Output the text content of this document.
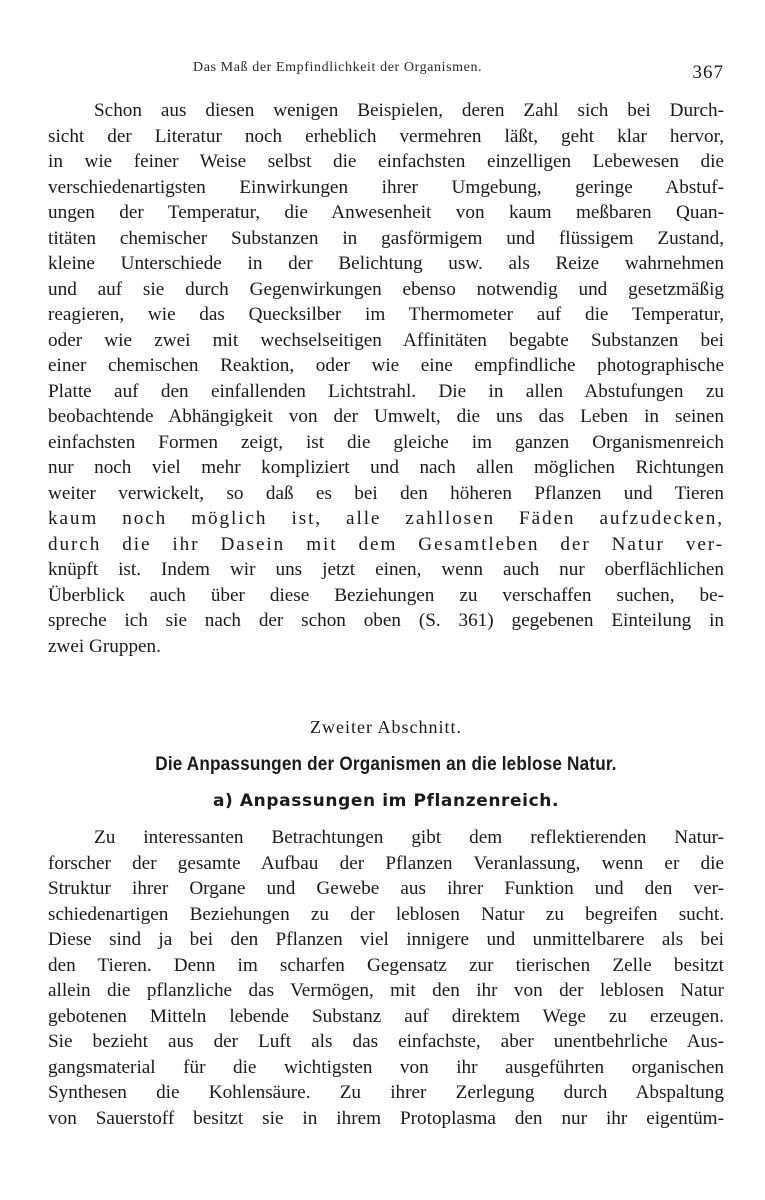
Das Maß der Empfindlichkeit der Organismen.	367

Schon aus diesen wenigen Beispielen, deren Zahl sich bei Durch-
sicht der Literatur noch erheblich vermehren läßt, geht klar hervor,
in wie feiner Weise selbst die einfachsten einzelligen Lebewesen die
verschiedenartigsten Einwirkungen ihrer Umgebung, geringe Abstuf-
ungen der Temperatur, die Anwesenheit von kaum meßbaren Quan-
titäten chemischer Substanzen in gasförmigem und flüssigem Zustand,
kleine Unterschiede in der Belichtung usw. als Reize wahrnehmen
und auf sie durch Gegenwirkungen ebenso notwendig und gesetzmäßig
reagieren, wie das Quecksilber im Thermometer auf die Temperatur,
oder wie zwei mit wechselseitigen Affinitäten begabte Substanzen bei
einer chemischen Reaktion, oder wie eine empfindliche photographische
Platte auf den einfallenden Lichtstrahl. Die in allen Abstufungen zu
beobachtende Abhängigkeit von der Umwelt, die uns das Leben in seinen
einfachsten Formen zeigt, ist die gleiche im ganzen Organismenreich
nur noch viel mehr kompliziert und nach allen möglichen Richtungen
weiter verwickelt, so daß es bei den höheren Pflanzen und Tieren
kaum noch möglich ist, alle zahllosen Fäden aufzudecken,
durch die ihr Dasein mit dem Gesamtleben der Natur ver-
knüpft ist. Indem wir uns jetzt einen, wenn auch nur oberflächlichen
Überblick auch über diese Beziehungen zu verschaffen suchen, be-
spreche ich sie nach der schon oben (S. 361) gegebenen Einteilung in
zwei Gruppen.

Zweiter Abschnitt.
Die Anpassungen der Organismen an die leblose Natur.
a) Anpassungen im Pflanzenreich.

Zu interessanten Betrachtungen gibt dem reflektierenden Natur-
forscher der gesamte Aufbau der Pflanzen Veranlassung, wenn er die
Struktur ihrer Organe und Gewebe aus ihrer Funktion und den ver-
schiedenartigen Beziehungen zu der leblosen Natur zu begreifen sucht.
Diese sind ja bei den Pflanzen viel innigere und unmittelbarere als bei
den Tieren. Denn im scharfen Gegensatz zur tierischen Zelle besitzt
allein die pflanzliche das Vermögen, mit den ihr von der leblosen Natur
gebotenen Mitteln lebende Substanz auf direktem Wege zu erzeugen.
Sie bezieht aus der Luft als das einfachste, aber unentbehrliche Aus-
gangsmaterial für die wichtigsten von ihr ausgeführten organischen
Synthesen die Kohlensäure. Zu ihrer Zerlegung durch Abspaltung
von Sauerstoff besitzt sie in ihrem Protoplasma den nur ihr eigentüm-
